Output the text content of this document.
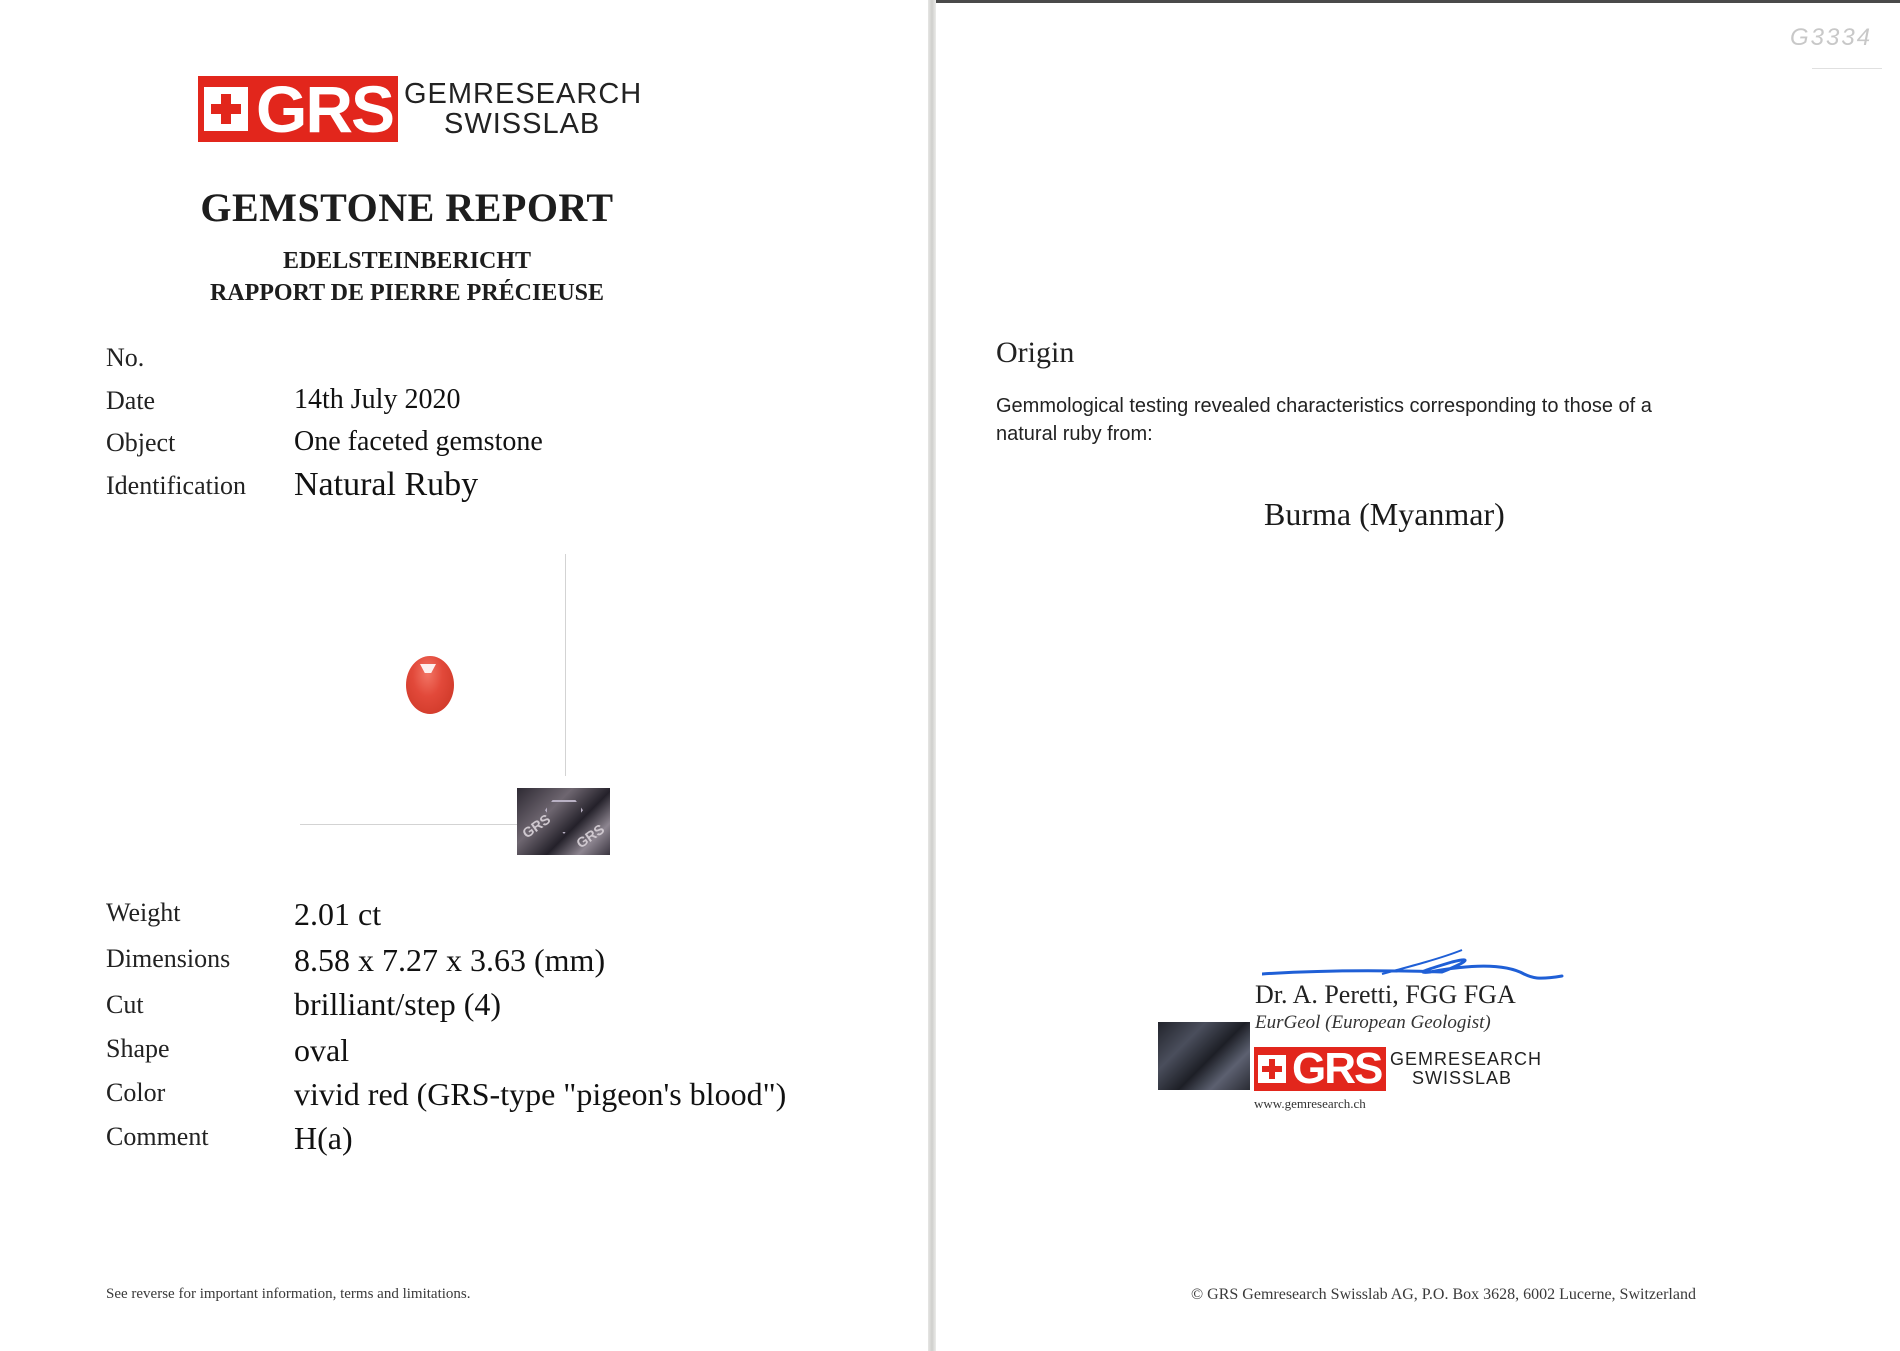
GRS GEMRESEARCH
SWISSLAB
GEMSTONE REPORT
EDELSTEINBERICHT
RAPPORT DE PIERRE PRÉCIEUSE
No.
Date	14th July 2020
Object	One faceted gemstone
Identification Natural Ruby
GRS GRS
Weight	2.01 ct
Dimensions 8.58 x 7.27 x 3.63 (mm)
Cut	brilliant/step (4)
Shape	oval
Color	vivid red (GRS-type "pigeon's blood")
Comment	H(a)
See reverse for important information, terms and limitations.
G3334
Origin
Gemmological testing revealed characteristics corresponding to those of a natural ruby from:
Burma (Myanmar)
Dr. A. Peretti, FGG FGA
EurGeol (European Geologist)
GRS GEMRESEARCH
SWISSLAB
www.gemresearch.ch
© GRS Gemresearch Swisslab AG, P.O. Box 3628, 6002 Lucerne, Switzerland
